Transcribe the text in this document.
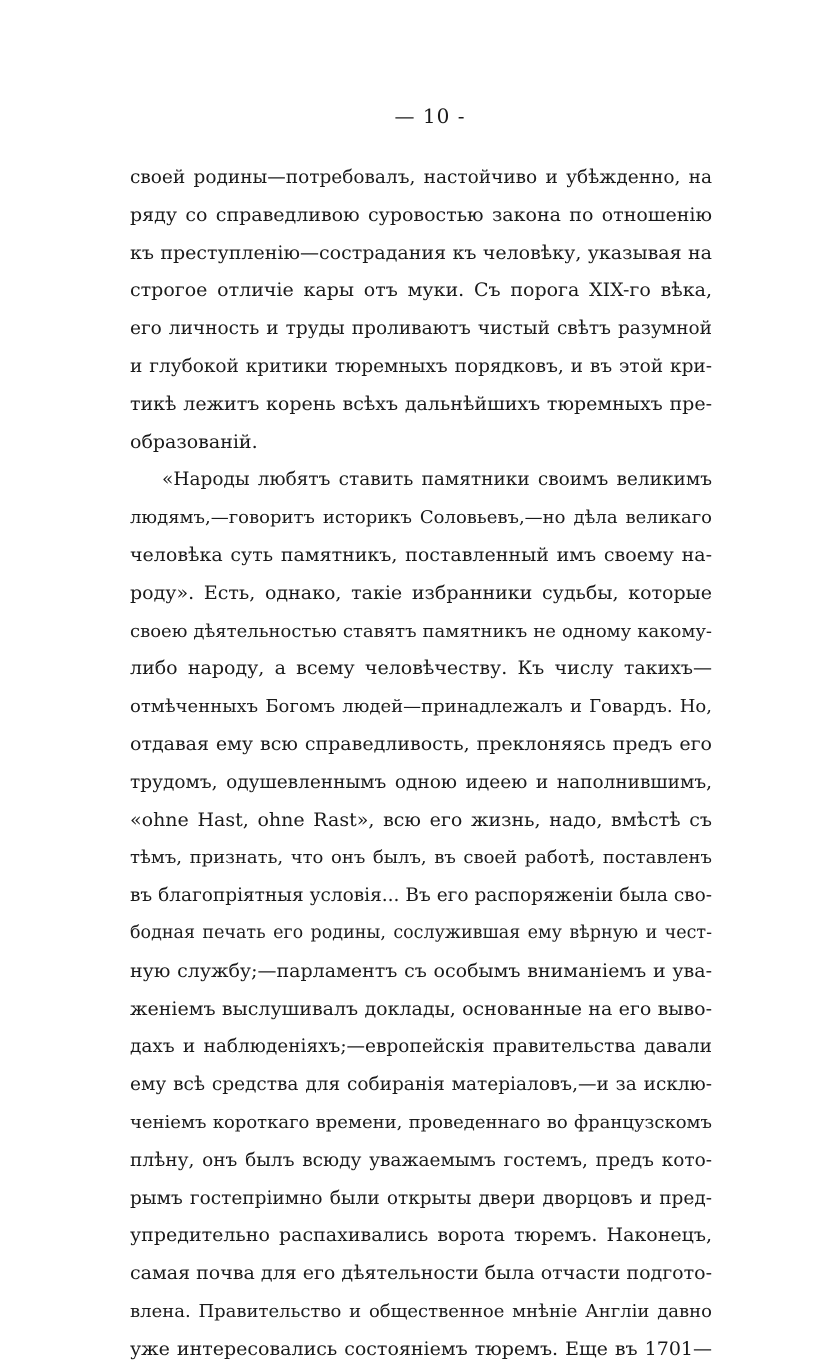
— 10 -
своей родины—потребовалъ, настойчиво и убѣжденно, на
ряду со справедливою суровостью закона по отношенію
къ преступленію—сострадания къ человѣку, указывая на
строгое отличіе кары отъ муки. Съ порога XIX-го вѣка,
его личность и труды проливаютъ чистый свѣтъ разумной
и глубокой критики тюремныхъ порядковъ, и въ этой кри-
тикѣ лежитъ корень всѣхъ дальнѣйшихъ тюремныхъ пре-
образованій.
«Народы любятъ ставить памятники своимъ великимъ
людямъ,—говоритъ историкъ Соловьевъ,—но дѣла великаго
человѣка суть памятникъ, поставленный имъ своему на-
роду». Есть, однако, такіе избранники судьбы, которые
своею дѣятельностью ставятъ памятникъ не одному какому-
либо народу, а всему человѣчеству. Къ числу такихъ—
отмѣченныхъ Богомъ людей—принадлежалъ и Говардъ. Но,
отдавая ему всю справедливость, преклоняясь предъ его
трудомъ, одушевленнымъ одною идеею и наполнившимъ,
«ohne Hast, ohne Rast», всю его жизнь, надо, вмѣстѣ съ
тѣмъ, признать, что онъ былъ, въ своей работѣ, поставленъ
въ благопріятныя условія... Въ его распоряженіи была сво-
бодная печать его родины, сослужившая ему вѣрную и чест-
ную службу;—парламентъ съ особымъ вниманіемъ и ува-
женіемъ выслушивалъ доклады, основанные на его выво-
дахъ и наблюденіяхъ;—европейскія правительства давали
ему всѣ средства для собиранія матеріаловъ,—и за исклю-
ченіемъ короткаго времени, проведеннаго во французскомъ
плѣну, онъ былъ всюду уважаемымъ гостемъ, предъ кото-
рымъ гостепріимно были открыты двери дворцовъ и пред-
упредительно распахивались ворота тюремъ. Наконецъ,
самая почва для его дѣятельности была отчасти подгото-
влена. Правительство и общественное мнѣніе Англіи давно
уже интересовались состояніемъ тюремъ. Еще въ 1701—
